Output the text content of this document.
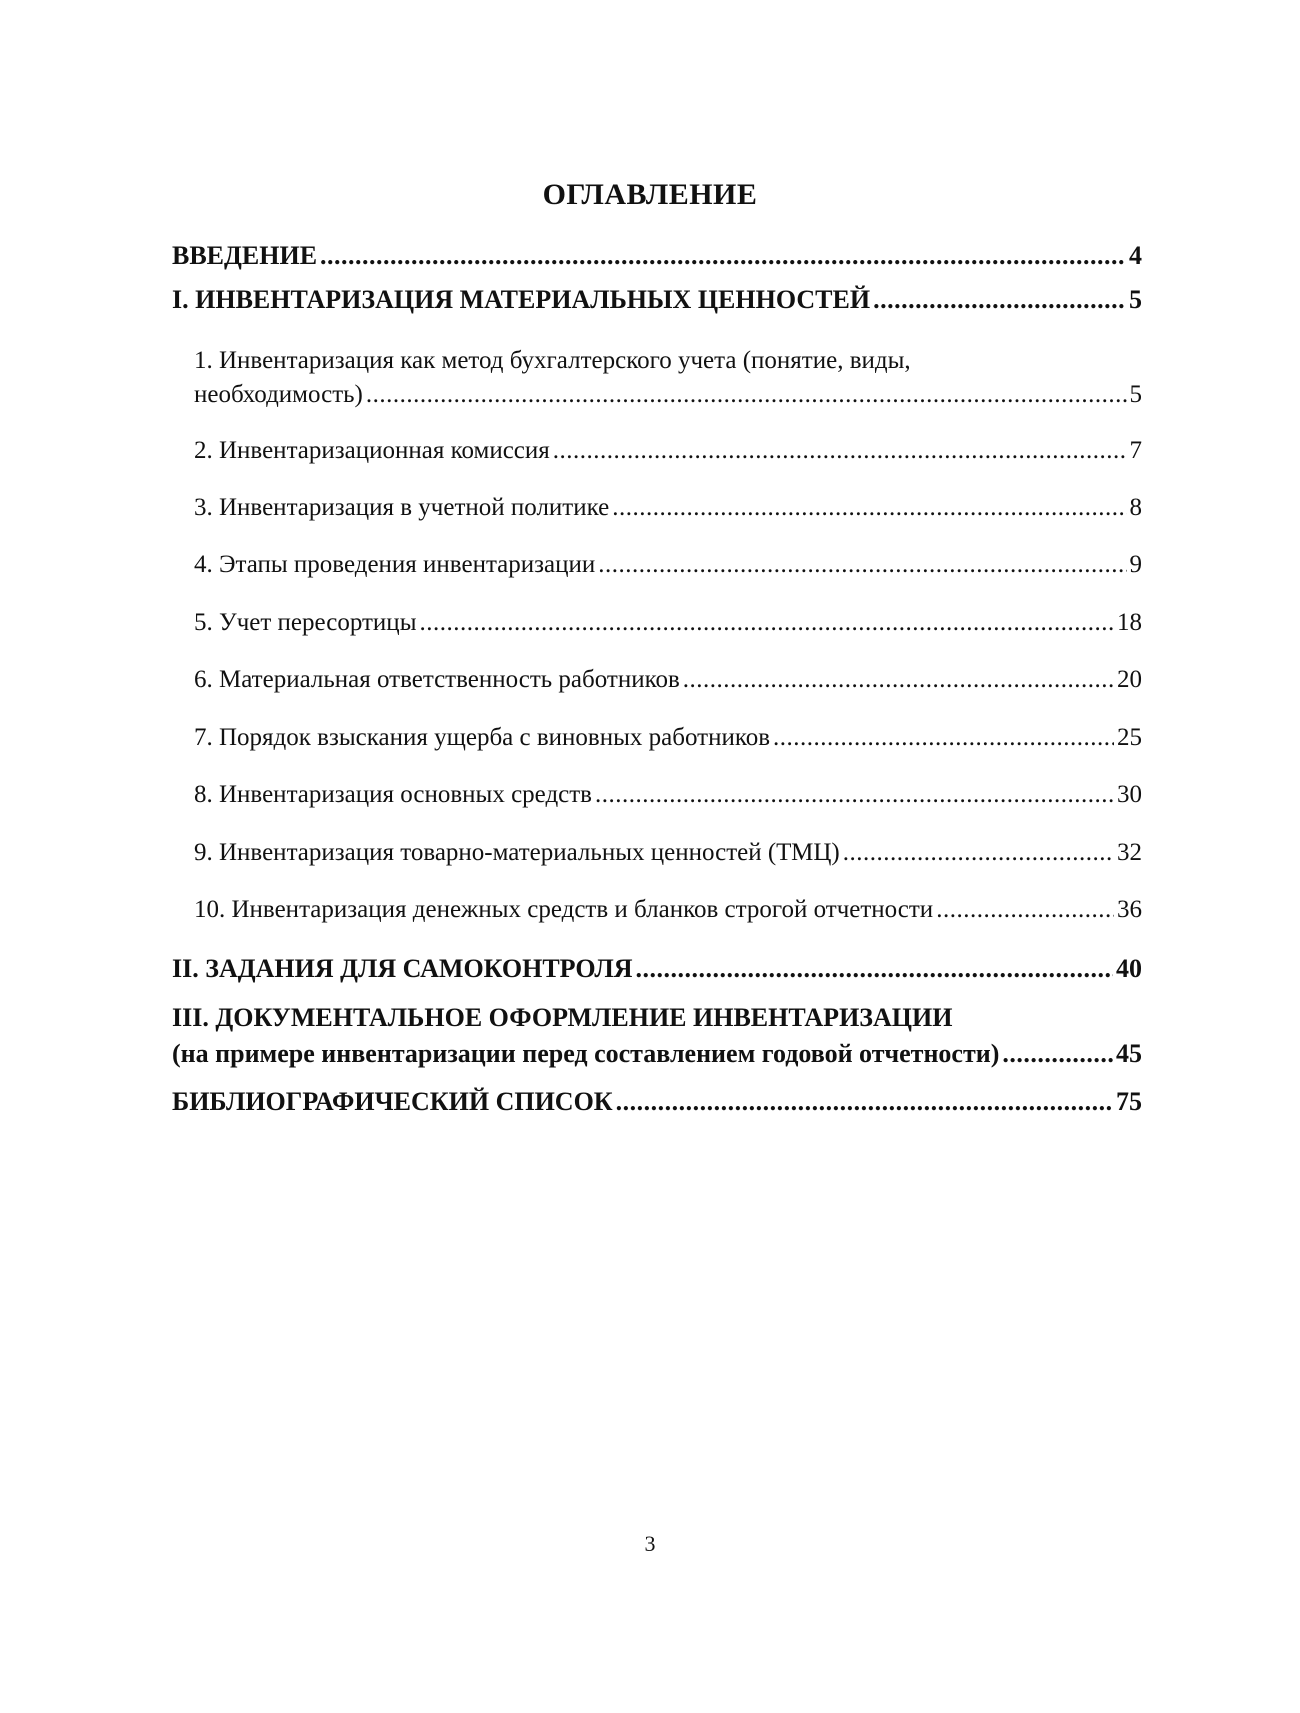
ОГЛАВЛЕНИЕ
ВВЕДЕНИЕ .....	4
I. ИНВЕНТАРИЗАЦИЯ МАТЕРИАЛЬНЫХ ЦЕННОСТЕЙ .....	5
1. Инвентаризация как метод бухгалтерского учета (понятие, виды,
необходимость) .....	5
2. Инвентаризационная комиссия .....	7
3. Инвентаризация в учетной политике .....	8
4. Этапы проведения инвентаризации .....	9
5. Учет пересортицы .....	18
6. Материальная ответственность работников .....	20
7. Порядок взыскания ущерба с виновных работников .....	25
8. Инвентаризация основных средств .....	30
9. Инвентаризация товарно-материальных ценностей (ТМЦ) .....	32
10. Инвентаризация денежных средств и бланков строгой отчетности .....	36
II. ЗАДАНИЯ ДЛЯ САМОКОНТРОЛЯ .....	40
III. ДОКУМЕНТАЛЬНОЕ ОФОРМЛЕНИЕ ИНВЕНТАРИЗАЦИИ
(на примере инвентаризации перед составлением годовой отчетности) .....	45
БИБЛИОГРАФИЧЕСКИЙ СПИСОК .....	75
3
